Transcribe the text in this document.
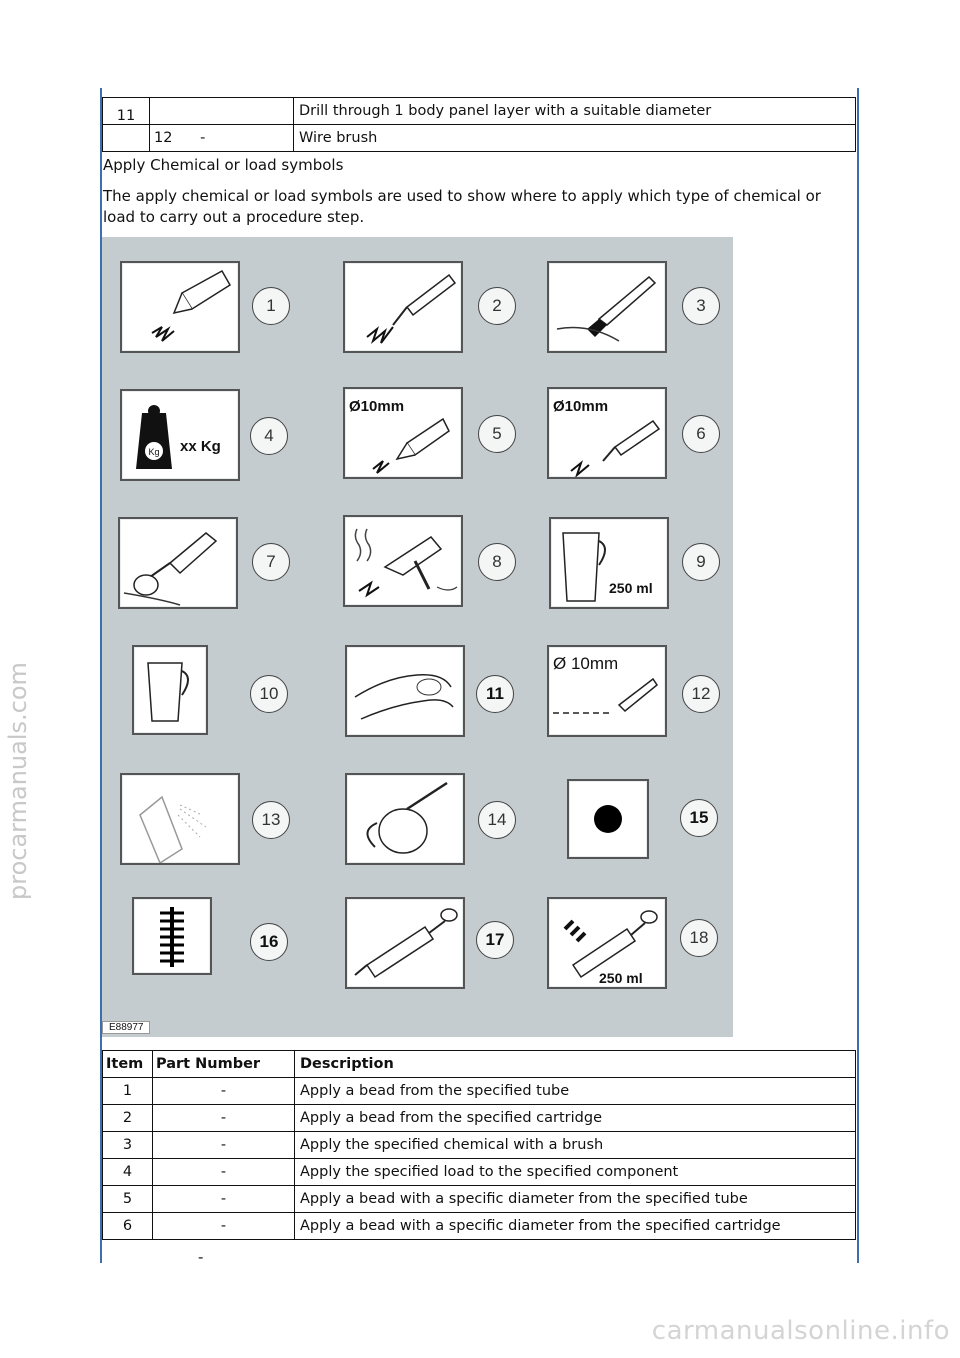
11		Drill through 1 body panel layer with a suitable diameter
	12      -	Wire brush
Apply Chemical or load symbols
The apply chemical or load symbols are used to show where to apply which type of chemical or load to carry out a procedure step.
1	2	3
Kg xx Kg
4
Ø10mm
5
Ø10mm
6
7	8
250 ml
9
10	11
Ø 10mm
12
13	14	15
16	17
250 ml
18
E88977
Item	Part Number	Description
1	-	Apply a bead from the specified tube
2	-	Apply a bead from the specified cartridge
3	-	Apply the specified chemical with a brush
4	-	Apply the specified load to the specified component
5	-	Apply a bead with a specific diameter from the specified tube
6	-	Apply a bead with a specific diameter from the specified cartridge
-
procarmanuals.com
carmanualsonline.info
